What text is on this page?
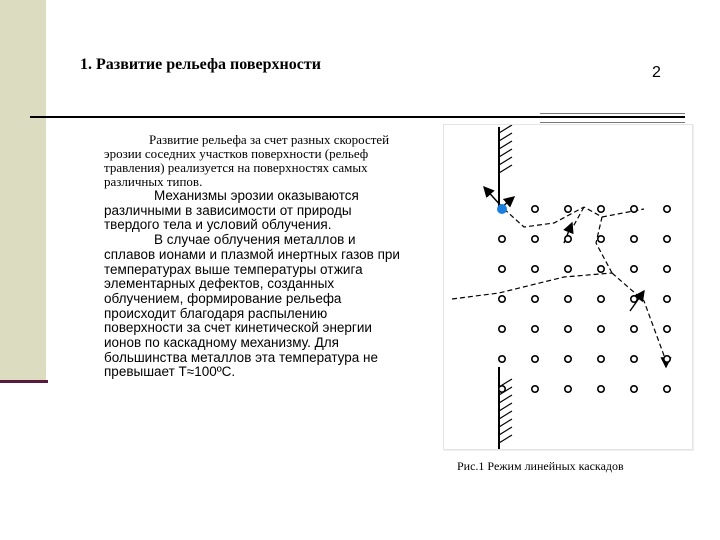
1. Развитие рельефа поверхности	2

Развитие рельефа за счет разных скоростей эрозии соседних участков поверхности (рельеф травления) реализуется на поверхностях самых различных типов.

Механизмы эрозии оказываются различными в зависимости от природы твердого тела и условий облучения.

В случае облучения металлов и сплавов ионами и плазмой инертных газов при температурах выше температуры отжига элементарных дефектов, созданных облучением, формирование рельефа происходит благодаря распылению поверхности за счет кинетической энергии ионов по каскадному механизму. Для большинства металлов эта температура не превышает T≈100ºC.

Рис.1 Режим линейных каскадов
